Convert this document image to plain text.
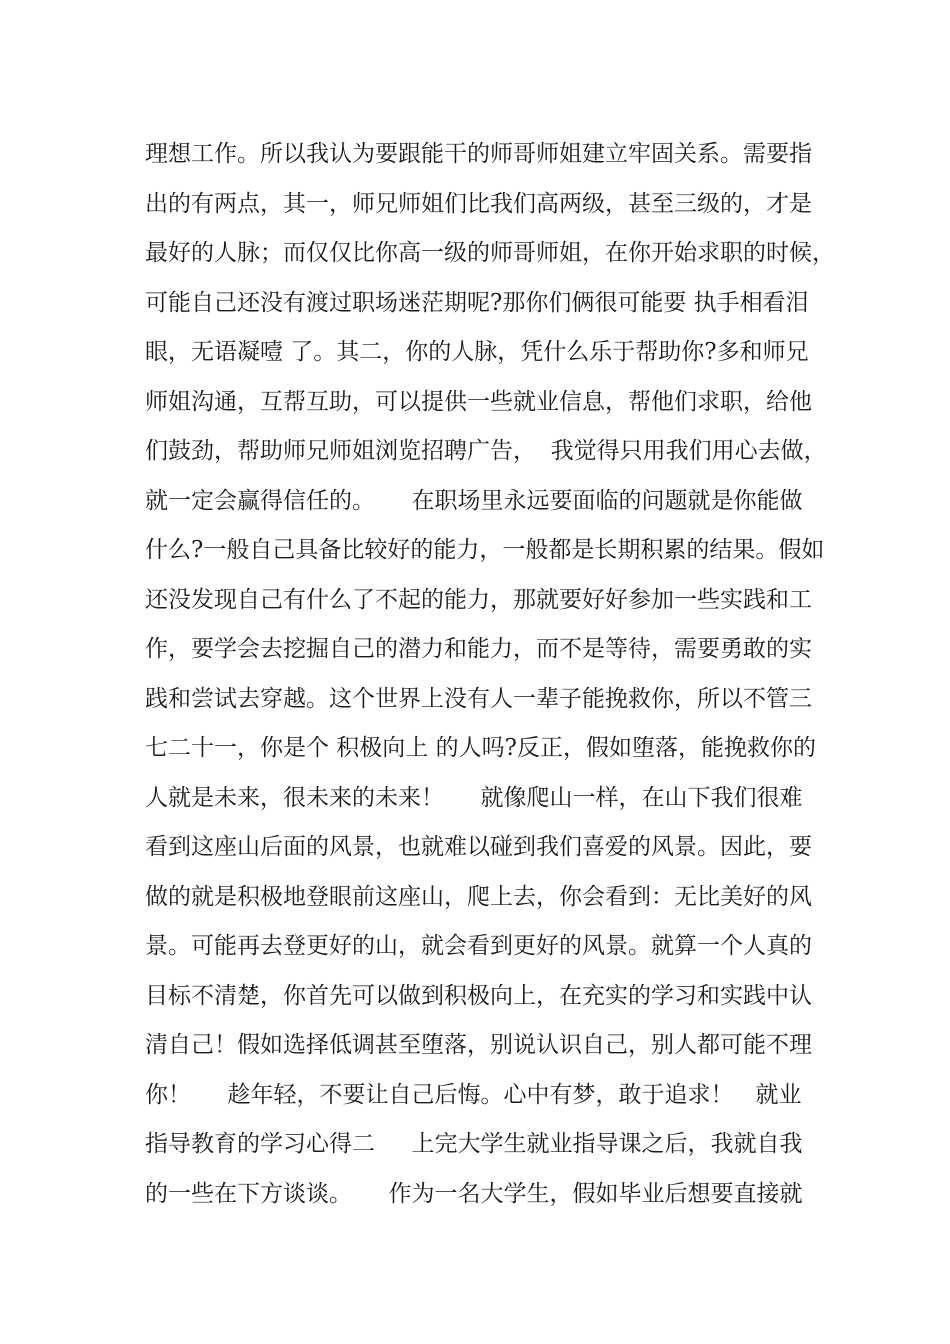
理想工作。所以我认为要跟能干的师哥师姐建立牢固关系。需要指
出的有两点，其一，师兄师姐们比我们高两级，甚至三级的，才是
最好的人脉；而仅仅比你高一级的师哥师姐，在你开始求职的时候，
可能自己还没有渡过职场迷茫期呢?那你们俩很可能要 执手相看泪
眼，无语凝噎 了。其二，你的人脉，凭什么乐于帮助你?多和师兄
师姐沟通，互帮互助，可以提供一些就业信息，帮他们求职，给他
们鼓劲，帮助师兄师姐浏览招聘广告，  我觉得只用我们用心去做，
就一定会赢得信任的。     在职场里永远要面临的问题就是你能做
什么?一般自己具备比较好的能力，一般都是长期积累的结果。假如
还没发现自己有什么了不起的能力，那就要好好参加一些实践和工
作，要学会去挖掘自己的潜力和能力，而不是等待，需要勇敢的实
践和尝试去穿越。这个世界上没有人一辈子能挽救你，所以不管三
七二十一，你是个 积极向上 的人吗?反正，假如堕落，能挽救你的
人就是未来，很未来的未来！     就像爬山一样，在山下我们很难
看到这座山后面的风景，也就难以碰到我们喜爱的风景。因此，要
做的就是积极地登眼前这座山，爬上去，你会看到：无比美好的风
景。可能再去登更好的山，就会看到更好的风景。就算一个人真的
目标不清楚，你首先可以做到积极向上，在充实的学习和实践中认
清自己！假如选择低调甚至堕落，别说认识自己，别人都可能不理
你！     趁年轻，不要让自己后悔。心中有梦，敢于追求！   就业
指导教育的学习心得二     上完大学生就业指导课之后，我就自我
的一些在下方谈谈。     作为一名大学生，假如毕业后想要直接就
